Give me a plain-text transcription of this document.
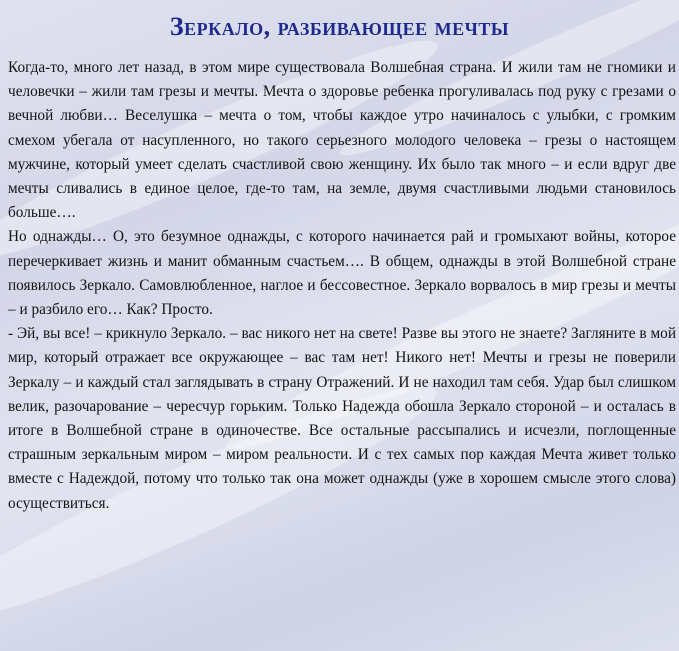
Зеркало, разбивающее мечты

Когда-то, много лет назад, в этом мире существовала Волшебная страна. И жили там не гномики и человечки – жили там грезы и мечты. Мечта о здоровье ребенка прогуливалась под руку с грезами о вечной любви… Веселушка – мечта о том, чтобы каждое утро начиналось с улыбки, с громким смехом убегала от насупленного, но такого серьезного молодого человека – грезы о настоящем мужчине, который умеет сделать счастливой свою женщину. Их было так много – и если вдруг две мечты сливались в единое целое, где-то там, на земле, двумя счастливыми людьми становилось больше….

Но однажды… О, это безумное однажды, с которого начинается рай и громыхают войны, которое перечеркивает жизнь и манит обманным счастьем…. В общем, однажды в этой Волшебной стране появилось Зеркало. Самовлюбленное, наглое и бессовестное. Зеркало ворвалось в мир грезы и мечты – и разбило его… Как? Просто.

- Эй, вы все! – крикнуло Зеркало. – вас никого нет на свете! Разве вы этого не знаете? Загляните в мой мир, который отражает все окружающее – вас там нет! Никого нет! Мечты и грезы не поверили Зеркалу – и каждый стал заглядывать в страну Отражений. И не находил там себя. Удар был слишком велик, разочарование – чересчур горьким. Только Надежда обошла Зеркало стороной – и осталась в итоге в Волшебной стране в одиночестве. Все остальные рассыпались и исчезли, поглощенные страшным зеркальным миром – миром реальности. И с тех самых пор каждая Мечта живет только вместе с Надеждой, потому что только так она может однажды (уже в хорошем смысле этого слова) осуществиться.
